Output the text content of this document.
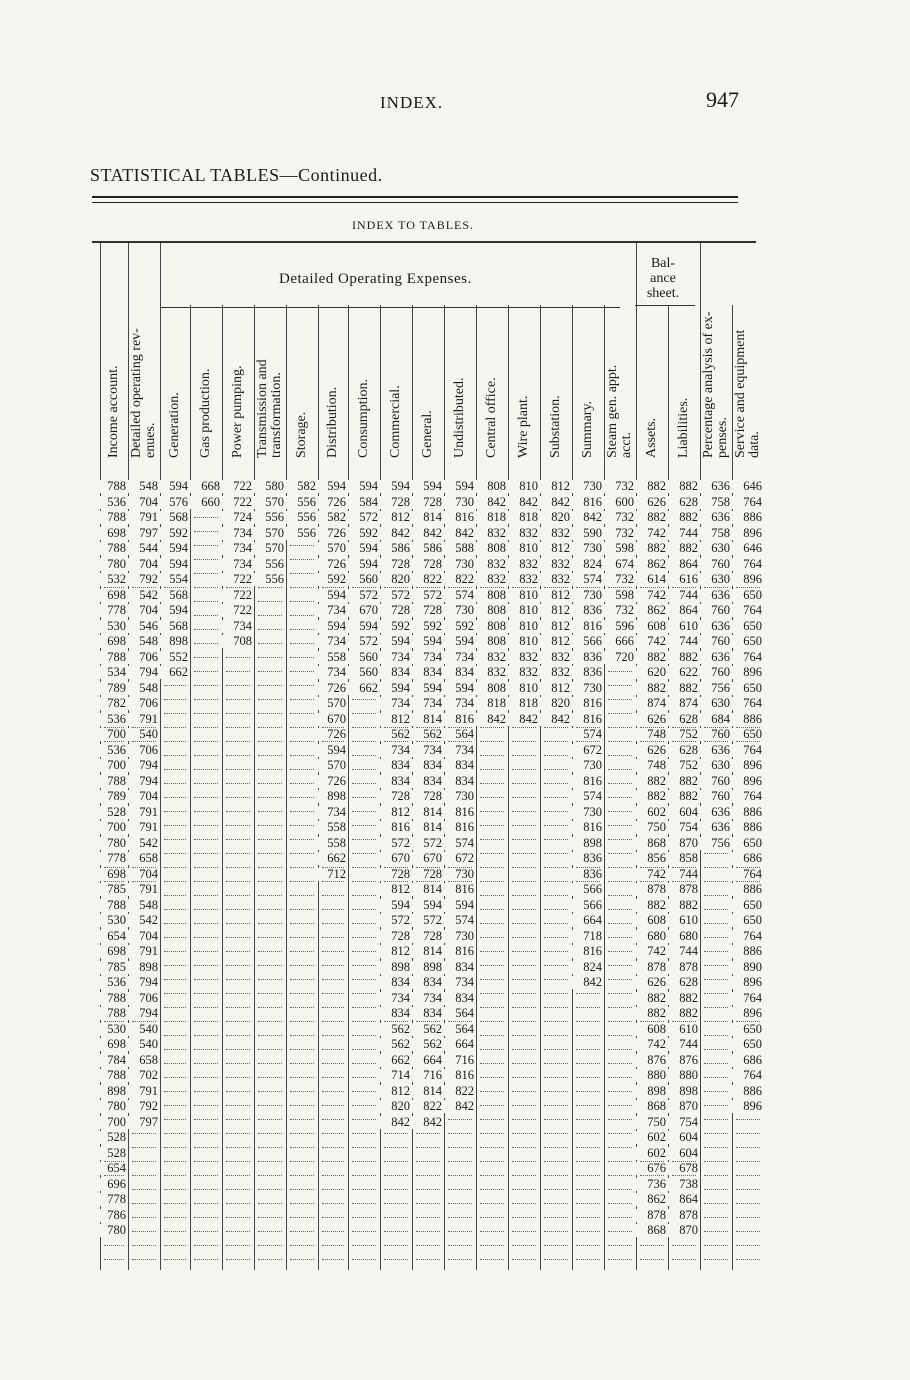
INDEX.	947
STATISTICAL TABLES—Continued.
INDEX TO TABLES.
Detailed Operating Expenses.
Bal-
ance
sheet.
Income account. Detailed operating rev- enues. Generation. Gas production. Power pumping. Transmission and transformation. Storage. Distribution. Consumption. Commercial. General. Undistributed. Central office. Wire plant. Substation. Summary. Steam gen. appt. acct. Assets. Liabilities. Percentage analysis of ex- penses. Service and equipment data.
788
536
788
698
788
780
532
698
778
530
698
788
534
789
782
536
700
536
700
788
789
528
700
780
778
698
785
788
530
654
698
785
536
788
788
530
698
784
788
898
780
700
528
528
654
696
778
786
780
548
704
791
797
544
704
792
542
704
546
548
706
794
548
706
791
540
706
794
794
704
791
791
542
658
704
791
548
542
704
791
898
794
706
794
540
540
658
702
791
792
797
594
576
568
592
594
594
554
568
594
568
898
552
662
668
660
722
722
724
734
734
734
722
722
722
734
708
580
570
556
570
570
556
556
582
556
556
556
594
726
582
726
570
726
592
594
734
594
734
558
734
726
570
670
726
594
570
726
898
734
558
558
662
712
594
584
572
592
594
594
560
572
670
594
572
560
560
662
594
728
812
842
586
728
820
572
728
592
594
734
834
594
734
812
562
734
834
834
728
812
816
572
670
728
812
594
572
728
812
898
834
734
834
562
562
662
714
812
820
842
594
728
814
842
586
728
822
572
728
592
594
734
834
594
734
814
562
734
834
834
728
814
814
572
670
728
814
594
572
728
814
898
834
734
834
562
562
664
716
814
822
842
594
730
816
842
588
730
822
574
730
592
594
734
834
594
734
816
564
734
834
834
730
816
816
574
672
730
816
594
574
730
816
834
734
834
564
564
664
716
816
822
842
808
842
818
832
808
832
832
808
808
808
808
832
832
808
818
842
810
842
818
832
810
832
832
810
810
810
810
832
832
810
818
842
812
842
820
832
812
832
832
812
812
812
812
832
832
812
820
842
730
816
842
590
730
824
574
730
836
816
566
836
836
730
816
816
574
672
730
816
574
730
816
898
836
836
566
566
664
718
816
824
842
732
600
732
732
598
674
732
598
732
596
666
720
882
626
882
742
882
862
614
742
862
608
742
882
620
882
874
626
748
626
748
882
882
602
750
868
856
742
878
882
608
680
742
878
626
882
882
608
742
876
880
898
868
750
602
602
676
736
862
878
868
882
628
882
744
882
864
616
744
864
610
744
882
622
882
874
628
752
628
752
882
882
604
754
870
858
744
878
882
610
680
744
878
628
882
882
610
744
876
880
898
870
754
604
604
678
738
864
878
870
636
758
636
758
630
760
630
636
760
636
760
636
760
756
630
684
760
636
630
760
760
636
636
756
646
764
886
896
646
764
896
650
764
650
650
764
896
650
764
886
650
764
896
896
764
886
886
650
686
764
886
650
650
764
886
890
896
764
896
650
650
686
764
886
896
